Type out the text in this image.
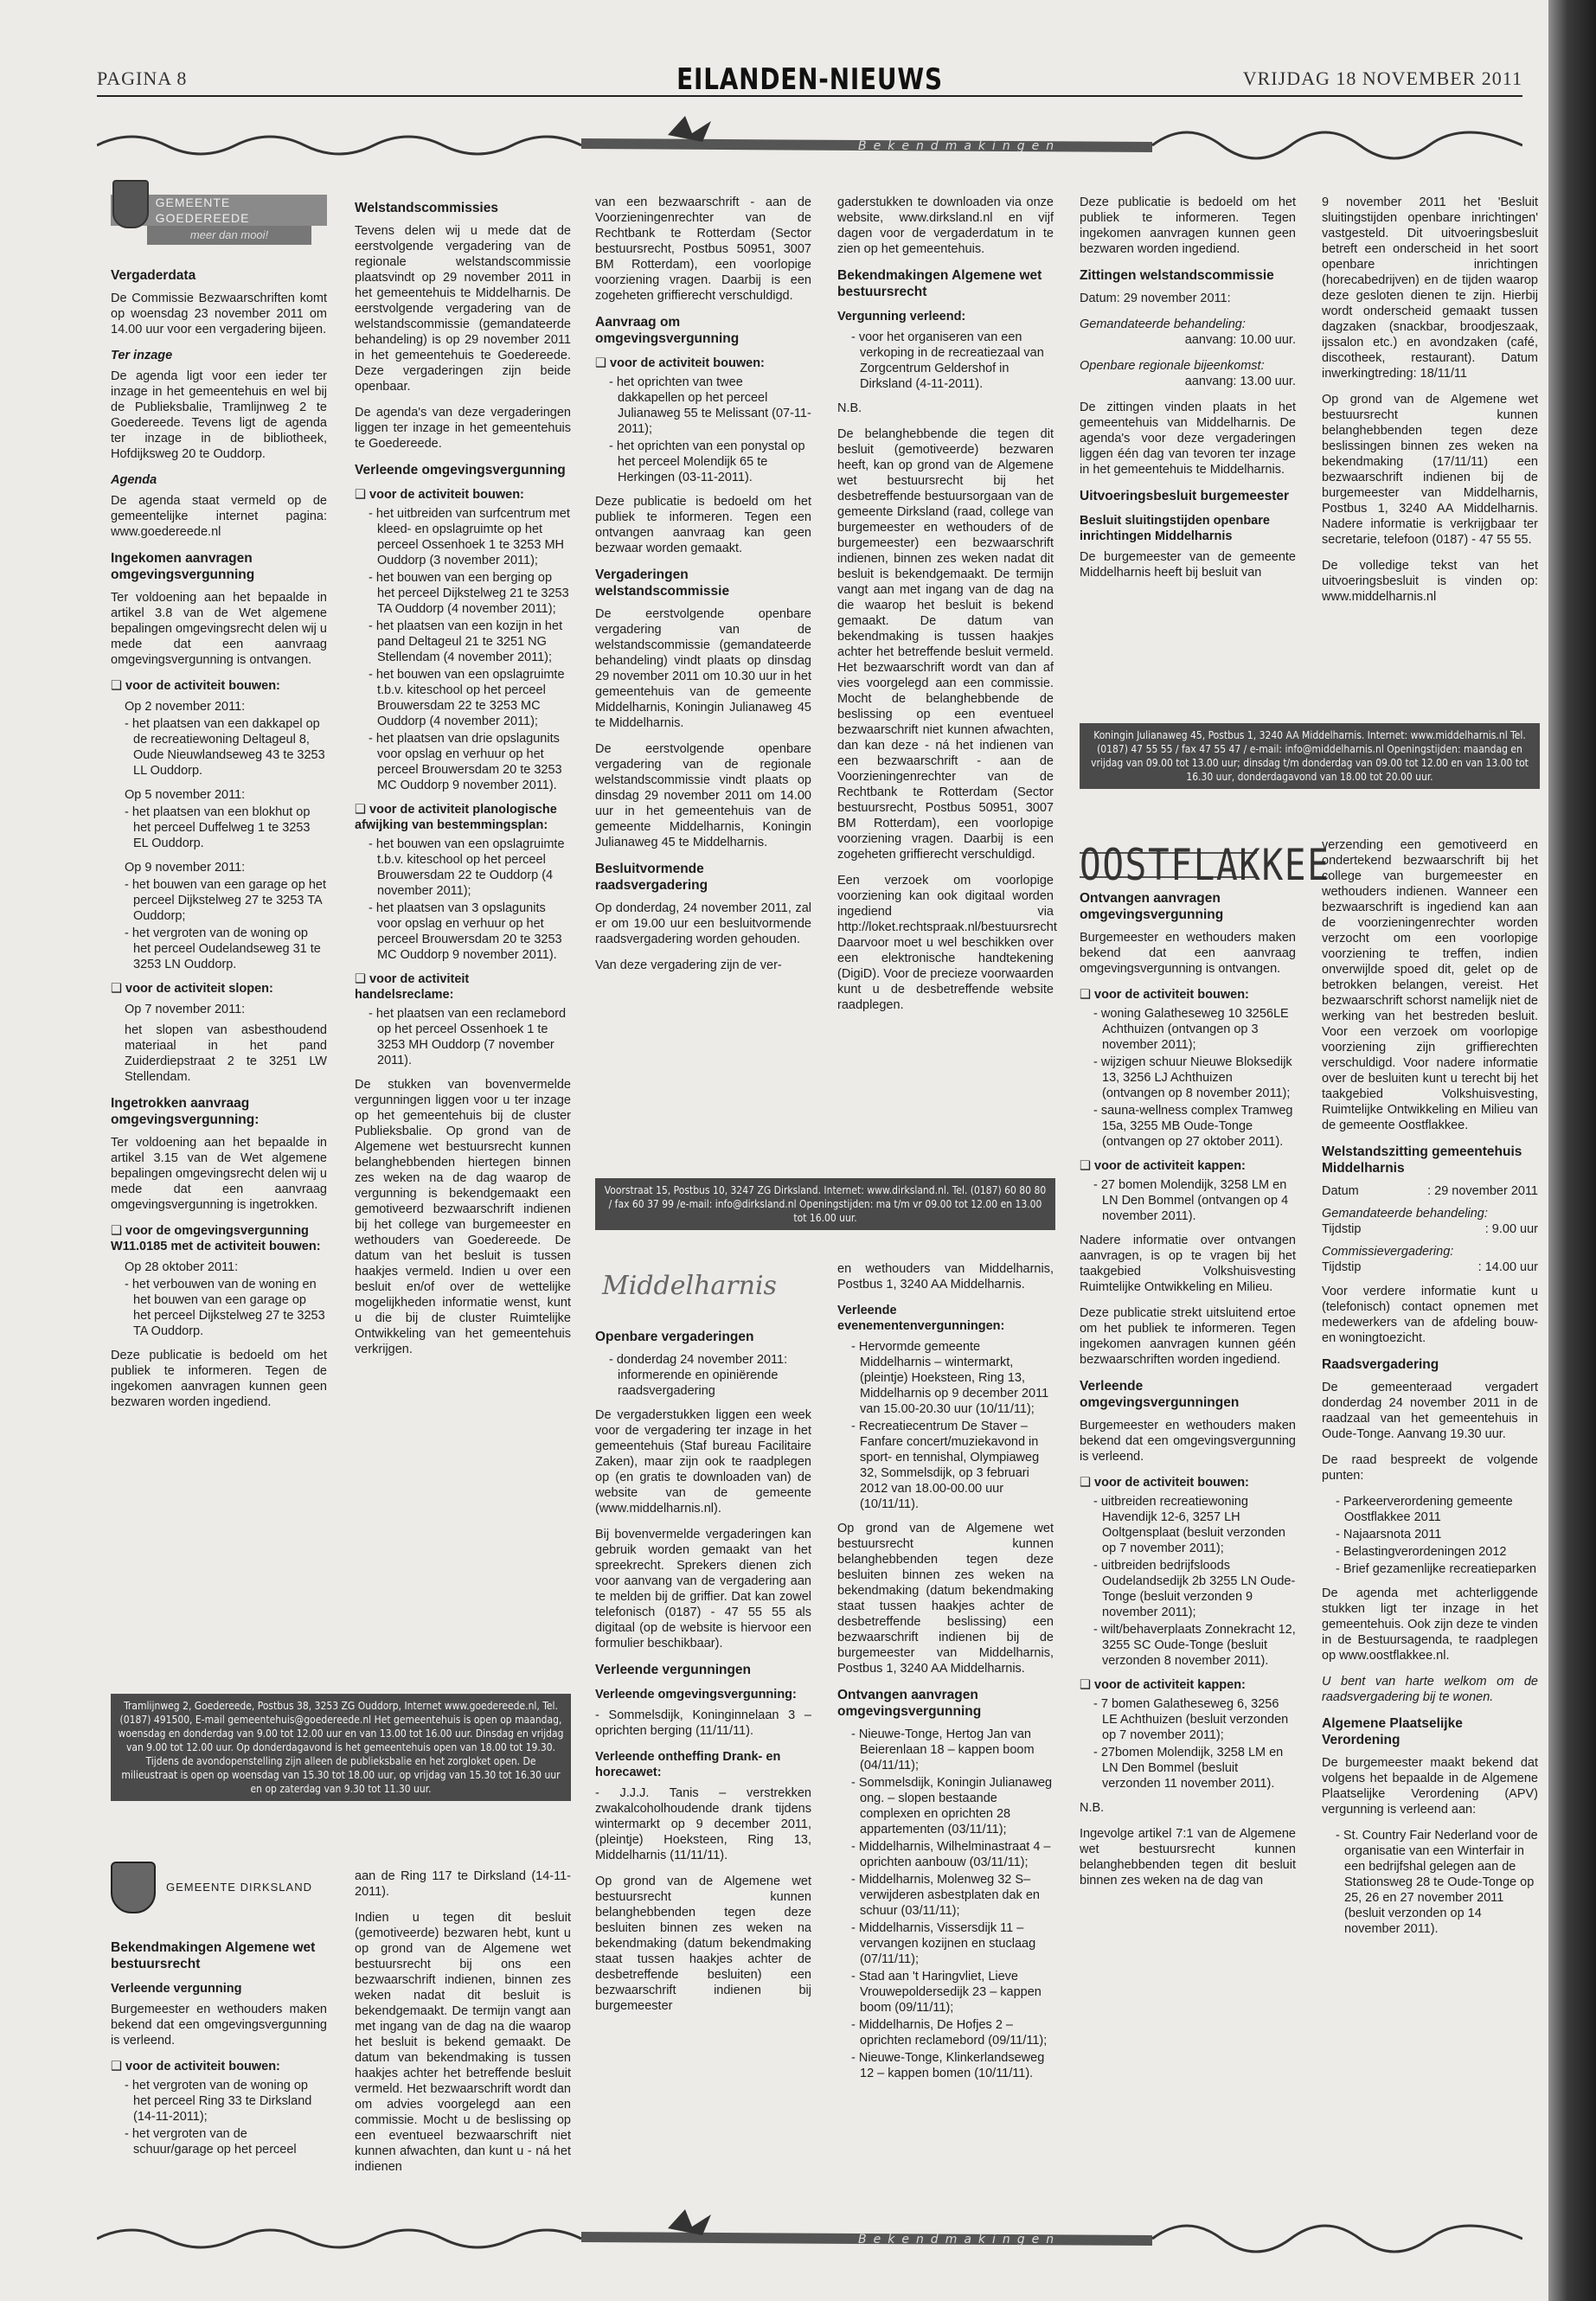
PAGINA 8	EILANDEN-NIEUWS	VRIJDAG 18 NOVEMBER 2011
Bekendmakingen
GEMEENTE GOEDEREEDE
meer dan mooi!
Vergaderdata

De Commissie Bezwaarschriften komt op woensdag 23 november 2011 om 14.00 uur voor een vergadering bijeen.

Ter inzage

De agenda ligt voor een ieder ter inzage in het gemeentehuis en wel bij de Publieksbalie, Tramlijnweg 2 te Goedereede. Tevens ligt de agenda ter inzage in de bibliotheek, Hofdijksweg 20 te Ouddorp.

Agenda

De agenda staat vermeld op de gemeentelijke internet pagina: www.goedereede.nl

Ingekomen aanvragen omgevingsvergunning

Ter voldoening aan het bepaalde in artikel 3.8 van de Wet algemene bepalingen omgevingsrecht delen wij u mede dat een aanvraag omgevingsvergunning is ontvangen.

❑ voor de activiteit bouwen:
Op 2 november 2011:
- het plaatsen van een dakkapel op de recreatiewoning Deltageul 8, Oude Nieuwlandseweg 43 te 3253 LL Ouddorp.
Op 5 november 2011:
- het plaatsen van een blokhut op het perceel Duffelweg 1 te 3253 EL Ouddorp.
Op 9 november 2011:
- het bouwen van een garage op het perceel Dijkstelweg 27 te 3253 TA Ouddorp;
- het vergroten van de woning op het perceel Oudelandseweg 31 te 3253 LN Ouddorp.
❑ voor de activiteit slopen:
Op 7 november 2011:

het slopen van asbesthoudend materiaal in het pand Zuiderdiepstraat 2 te 3251 LW Stellendam.

Ingetrokken aanvraag omgevingsvergunning:

Ter voldoening aan het bepaalde in artikel 3.15 van de Wet algemene bepalingen omgevingsrecht delen wij u mede dat een aanvraag omgevingsvergunning is ingetrokken.

❑ voor de omgevingsvergunning W11.0185 met de activiteit bouwen:
Op 28 oktober 2011:
- het verbouwen van de woning en het bouwen van een garage op het perceel Dijkstelweg 27 te 3253 TA Ouddorp.

Deze publicatie is bedoeld om het publiek te informeren. Tegen de ingekomen aanvragen kunnen geen bezwaren worden ingediend.

Welstandscommissies

Tevens delen wij u mede dat de eerstvolgende vergadering van de regionale welstandscommissie plaatsvindt op 29 november 2011 in het gemeentehuis te Middelharnis. De eerstvolgende vergadering van de welstandscommissie (gemandateerde behandeling) is op 29 november 2011 in het gemeentehuis te Goedereede. Deze vergaderingen zijn beide openbaar.

De agenda's van deze vergaderingen liggen ter inzage in het gemeentehuis te Goedereede.

Verleende omgevingsvergunning
❑ voor de activiteit bouwen:
- het uitbreiden van surfcentrum met kleed- en opslagruimte op het perceel Ossenhoek 1 te 3253 MH Ouddorp (3 november 2011);
- het bouwen van een berging op het perceel Dijkstelweg 21 te 3253 TA Ouddorp (4 november 2011);
- het plaatsen van een kozijn in het pand Deltageul 21 te 3251 NG Stellendam (4 november 2011);
- het bouwen van een opslagruimte t.b.v. kiteschool op het perceel Brouwersdam 22 te 3253 MC Ouddorp (4 november 2011);
- het plaatsen van drie opslagunits voor opslag en verhuur op het perceel Brouwersdam 20 te 3253 MC Ouddorp 9 november 2011).
❑ voor de activiteit planologische afwijking van bestemmingsplan:
- het bouwen van een opslagruimte t.b.v. kiteschool op het perceel Brouwersdam 22 te Ouddorp (4 november 2011);
- het plaatsen van 3 opslagunits voor opslag en verhuur op het perceel Brouwersdam 20 te 3253 MC Ouddorp 9 november 2011).
❑ voor de activiteit handelsreclame:
- het plaatsen van een reclamebord op het perceel Ossenhoek 1 te 3253 MH Ouddorp (7 november 2011).

De stukken van bovenvermelde vergunningen liggen voor u ter inzage op het gemeentehuis bij de cluster Publieksbalie. Op grond van de Algemene wet bestuursrecht kunnen belanghebbenden hiertegen binnen zes weken na de dag waarop de vergunning is bekendgemaakt een gemotiveerd bezwaarschrift indienen bij het college van burgemeester en wethouders van Goedereede. De datum van het besluit is tussen haakjes vermeld. Indien u over een besluit en/of over de wettelijke mogelijkheden informatie wenst, kunt u die bij de cluster Ruimtelijke Ontwikkeling van het gemeentehuis verkrijgen.

Tramlijnweg 2, Goedereede, Postbus 38, 3253 ZG Ouddorp, Internet www.goedereede.nl, Tel. (0187) 491500, E-mail gemeentehuis@goedereede.nl Het gemeentehuis is open op maandag, woensdag en donderdag van 9.00 tot 12.00 uur en van 13.00 tot 16.00 uur. Dinsdag en vrijdag van 9.00 tot 12.00 uur. Op donderdagavond is het gemeentehuis open van 18.00 tot 19.30. Tijdens de avondopenstelling zijn alleen de publieksbalie en het zorgloket open. De milieustraat is open op woensdag van 15.30 tot 18.00 uur, op vrijdag van 15.30 tot 16.30 uur en op zaterdag van 9.30 tot 11.30 uur.
GEMEENTE DIRKSLAND
Bekendmakingen Algemene wet bestuursrecht
Verleende vergunning

Burgemeester en wethouders maken bekend dat een omgevingsvergunning is verleend.

❑ voor de activiteit bouwen:
- het vergroten van de woning op het perceel Ring 33 te Dirksland (14-11-2011);
- het vergroten van de schuur/garage op het perceel

aan de Ring 117 te Dirksland (14-11-2011).

Indien u tegen dit besluit (gemotiveerde) bezwaren hebt, kunt u op grond van de Algemene wet bestuursrecht bij ons een bezwaarschrift indienen, binnen zes weken nadat dit besluit is bekendgemaakt. De termijn vangt aan met ingang van de dag na die waarop het besluit is bekend gemaakt. De datum van bekendmaking is tussen haakjes achter het betreffende besluit vermeld. Het bezwaarschrift wordt dan om advies voorgelegd aan een commissie. Mocht u de beslissing op een eventueel bezwaarschrift niet kunnen afwachten, dan kunt u - ná het indienen

van een bezwaarschrift - aan de Voorzieningenrechter van de Rechtbank te Rotterdam (Sector bestuursrecht, Postbus 50951, 3007 BM Rotterdam), een voorlopige voorziening vragen. Daarbij is een zogeheten griffierecht verschuldigd.

Aanvraag om omgevingsvergunning
❑ voor de activiteit bouwen:
- het oprichten van twee dakkapellen op het perceel Julianaweg 55 te Melissant (07-11-2011);
- het oprichten van een ponystal op het perceel Molendijk 65 te Herkingen (03-11-2011).

Deze publicatie is bedoeld om het publiek te informeren. Tegen een ontvangen aanvraag kan geen bezwaar worden gemaakt.

Vergaderingen welstandscommissie

De eerstvolgende openbare vergadering van de welstandscommissie (gemandateerde behandeling) vindt plaats op dinsdag 29 november 2011 om 10.30 uur in het gemeentehuis van de gemeente Middelharnis, Koningin Julianaweg 45 te Middelharnis.

De eerstvolgende openbare vergadering van de regionale welstandscommissie vindt plaats op dinsdag 29 november 2011 om 14.00 uur in het gemeentehuis van de gemeente Middelharnis, Koningin Julianaweg 45 te Middelharnis.

Besluitvormende raadsvergadering

Op donderdag, 24 november 2011, zal er om 19.00 uur een besluitvormende raadsvergadering worden gehouden.

Van deze vergadering zijn de ver-

Voorstraat 15, Postbus 10, 3247 ZG Dirksland. Internet: www.dirksland.nl. Tel. (0187) 60 80 80 / fax 60 37 99 /e-mail: info@dirksland.nl Openingstijden: ma t/m vr 09.00 tot 12.00 en 13.00 tot 16.00 uur.
Middelharnis
Openbare vergaderingen
- donderdag 24 november 2011: informerende en opiniërende raadsvergadering

De vergaderstukken liggen een week voor de vergadering ter inzage in het gemeentehuis (Staf bureau Facilitaire Zaken), maar zijn ook te raadplegen op (en gratis te downloaden van) de website van de gemeente (www.middelharnis.nl).

Bij bovenvermelde vergaderingen kan gebruik worden gemaakt van het spreekrecht. Sprekers dienen zich voor aanvang van de vergadering aan te melden bij de griffier. Dat kan zowel telefonisch (0187) - 47 55 55 als digitaal (op de website is hiervoor een formulier beschikbaar).

Verleende vergunningen
Verleende omgevingsvergunning:

- Sommelsdijk, Koninginnelaan 3 – oprichten berging (11/11/11).

Verleende ontheffing Drank- en horecawet:

- J.J.J. Tanis – verstrekken zwakalcoholhoudende drank tijdens wintermarkt op 9 december 2011, (pleintje) Hoeksteen, Ring 13, Middelharnis (11/11/11).

Op grond van de Algemene wet bestuursrecht kunnen belanghebbenden tegen deze besluiten binnen zes weken na bekendmaking (datum bekendmaking staat tussen haakjes achter de desbetreffende besluiten) een bezwaarschrift indienen bij burgemeester

gaderstukken te downloaden via onze website, www.dirksland.nl en vijf dagen voor de vergaderdatum in te zien op het gemeentehuis.

Bekendmakingen Algemene wet bestuursrecht
Vergunning verleend:
- voor het organiseren van een verkoping in de recreatiezaal van Zorgcentrum Geldershof in Dirksland (4-11-2011).

N.B.

De belanghebbende die tegen dit besluit (gemotiveerde) bezwaren heeft, kan op grond van de Algemene wet bestuursrecht bij het desbetreffende bestuursorgaan van de gemeente Dirksland (raad, college van burgemeester en wethouders of de burgemeester) een bezwaarschrift indienen, binnen zes weken nadat dit besluit is bekendgemaakt. De termijn vangt aan met ingang van de dag na die waarop het besluit is bekend gemaakt. De datum van bekendmaking is tussen haakjes achter het betreffende besluit vermeld. Het bezwaarschrift wordt van dan af vies voorgelegd aan een commissie. Mocht de belanghebbende de beslissing op een eventueel bezwaarschrift niet kunnen afwachten, dan kan deze - ná het indienen van een bezwaarschrift - aan de Voorzieningenrechter van de Rechtbank te Rotterdam (Sector bestuursrecht, Postbus 50951, 3007 BM Rotterdam), een voorlopige voorziening vragen. Daarbij is een zogeheten griffierecht verschuldigd.

Een verzoek om voorlopige voorziening kan ook digitaal worden ingediend via http://loket.rechtspraak.nl/bestuursrecht Daarvoor moet u wel beschikken over een elektronische handtekening (DigiD). Voor de precieze voorwaarden kunt u de desbetreffende website raadplegen.

en wethouders van Middelharnis, Postbus 1, 3240 AA Middelharnis.

Verleende evenementenvergunningen:
- Hervormde gemeente Middelharnis – wintermarkt, (pleintje) Hoeksteen, Ring 13, Middelharnis op 9 december 2011 van 15.00-20.30 uur (10/11/11);
- Recreatiecentrum De Staver – Fanfare concert/muziekavond in sport- en tennishal, Olympiaweg 32, Sommelsdijk, op 3 februari 2012 van 18.00-00.00 uur (10/11/11).

Op grond van de Algemene wet bestuursrecht kunnen belanghebbenden tegen deze besluiten binnen zes weken na bekendmaking (datum bekendmaking staat tussen haakjes achter de desbetreffende beslissing) een bezwaarschrift indienen bij de burgemeester van Middelharnis, Postbus 1, 3240 AA Middelharnis.

Ontvangen aanvragen omgevingsvergunning
- Nieuwe-Tonge, Hertog Jan van Beierenlaan 18 – kappen boom (04/11/11);
- Sommelsdijk, Koningin Julianaweg ong. – slopen bestaande complexen en oprichten 28 appartementen (03/11/11);
- Middelharnis, Wilhelminastraat 4 – oprichten aanbouw (03/11/11);
- Middelharnis, Molenweg 32 S– verwijderen asbestplaten dak en schuur (03/11/11);
- Middelharnis, Vissersdijk 11 – vervangen kozijnen en stuclaag (07/11/11);
- Stad aan 't Haringvliet, Lieve Vrouwepoldersedijk 23 – kappen boom (09/11/11);
- Middelharnis, De Hofjes 2 – oprichten reclamebord (09/11/11);
- Nieuwe-Tonge, Klinkerlandseweg 12 – kappen bomen (10/11/11).

Deze publicatie is bedoeld om het publiek te informeren. Tegen ingekomen aanvragen kunnen geen bezwaren worden ingediend.

Zittingen welstandscommissie

Datum: 29 november 2011:

Gemandateerde behandeling:

aanvang: 10.00 uur.

Openbare regionale bijeenkomst:

aanvang: 13.00 uur.

De zittingen vinden plaats in het gemeentehuis van Middelharnis. De agenda's voor deze vergaderingen liggen één dag van tevoren ter inzage in het gemeentehuis te Middelharnis.

Uitvoeringsbesluit burgemeester
Besluit sluitingstijden openbare inrichtingen Middelharnis

De burgemeester van de gemeente Middelharnis heeft bij besluit van

Koningin Julianaweg 45, Postbus 1, 3240 AA Middelharnis. Internet: www.middelharnis.nl Tel. (0187) 47 55 55 / fax 47 55 47 / e-mail: info@middelharnis.nl Openingstijden: maandag en vrijdag van 09.00 tot 13.00 uur; dinsdag t/m donderdag van 09.00 tot 12.00 en van 13.00 tot 16.30 uur, donderdagavond van 18.00 tot 20.00 uur.
OOSTFLAKKEE
Ontvangen aanvragen omgevingsvergunning

Burgemeester en wethouders maken bekend dat een aanvraag omgevingsvergunning is ontvangen.

❑ voor de activiteit bouwen:
- woning Galatheseweg 10 3256LE Achthuizen (ontvangen op 3 november 2011);
- wijzigen schuur Nieuwe Bloksedijk 13, 3256 LJ Achthuizen (ontvangen op 8 november 2011);
- sauna-wellness complex Tramweg 15a, 3255 MB Oude-Tonge (ontvangen op 27 oktober 2011).
❑ voor de activiteit kappen:
- 27 bomen Molendijk, 3258 LM en LN Den Bommel (ontvangen op 4 november 2011).

Nadere informatie over ontvangen aanvragen, is op te vragen bij het taakgebied Volkshuisvesting Ruimtelijke Ontwikkeling en Milieu.

Deze publicatie strekt uitsluitend ertoe om het publiek te informeren. Tegen ingekomen aanvragen kunnen géén bezwaarschriften worden ingediend.

Verleende omgevingsvergunningen

Burgemeester en wethouders maken bekend dat een omgevingsvergunning is verleend.

❑ voor de activiteit bouwen:
- uitbreiden recreatiewoning Havendijk 12-6, 3257 LH Ooltgensplaat (besluit verzonden op 7 november 2011);
- uitbreiden bedrijfsloods Oudelandsedijk 2b 3255 LN Oude-Tonge (besluit verzonden 9 november 2011);
- wilt/behaverplaats Zonnekracht 12, 3255 SC Oude-Tonge (besluit verzonden 8 november 2011).
❑ voor de activiteit kappen:
- 7 bomen Galatheseweg 6, 3256 LE Achthuizen (besluit verzonden op 7 november 2011);
- 27bomen Molendijk, 3258 LM en LN Den Bommel (besluit verzonden 11 november 2011).

N.B.

Ingevolge artikel 7:1 van de Algemene wet bestuursrecht kunnen belanghebbenden tegen dit besluit binnen zes weken na de dag van

9 november 2011 het 'Besluit sluitingstijden openbare inrichtingen' vastgesteld. Dit uitvoeringsbesluit betreft een onderscheid in het soort openbare inrichtingen (horecabedrijven) en de tijden waarop deze gesloten dienen te zijn. Hierbij wordt onderscheid gemaakt tussen dagzaken (snackbar, broodjeszaak, ijssalon etc.) en avondzaken (café, discotheek, restaurant). Datum inwerkingtreding: 18/11/11

Op grond van de Algemene wet bestuursrecht kunnen belanghebbenden tegen deze beslissingen binnen zes weken na bekendmaking (17/11/11) een bezwaarschrift indienen bij de burgemeester van Middelharnis, Postbus 1, 3240 AA Middelharnis. Nadere informatie is verkrijgbaar ter secretarie, telefoon (0187) - 47 55 55.

De volledige tekst van het uitvoeringsbesluit is vinden op: www.middelharnis.nl

verzending een gemotiveerd en ondertekend bezwaarschrift bij het college van burgemeester en wethouders indienen. Wanneer een bezwaarschrift is ingediend kan aan de voorzieningenrechter worden verzocht om een voorlopige voorziening te treffen, indien onverwijlde spoed dit, gelet op de betrokken belangen, vereist. Het bezwaarschrift schorst namelijk niet de werking van het bestreden besluit. Voor een verzoek om voorlopige voorziening zijn griffierechten verschuldigd. Voor nadere informatie over de besluiten kunt u terecht bij het taakgebied Volkshuisvesting, Ruimtelijke Ontwikkeling en Milieu van de gemeente Oostflakkee.

Welstandszitting gemeentehuis Middelharnis
Datum	: 29 november 2011
Gemandateerde behandeling:
Tijdstip	: 9.00 uur
Commissievergadering:
Tijdstip	: 14.00 uur

Voor verdere informatie kunt u (telefonisch) contact opnemen met medewerkers van de afdeling bouw- en woningtoezicht.

Raadsvergadering

De gemeenteraad vergadert donderdag 24 november 2011 in de raadzaal van het gemeentehuis in Oude-Tonge. Aanvang 19.30 uur.

De raad bespreekt de volgende punten:

- Parkeerverordening gemeente Oostflakkee 2011
- Najaarsnota 2011
- Belastingverordeningen 2012
- Brief gezamenlijke recreatieparken

De agenda met achterliggende stukken ligt ter inzage in het gemeentehuis. Ook zijn deze te vinden in de Bestuursagenda, te raadplegen op www.oostflakkee.nl.

U bent van harte welkom om de raadsvergadering bij te wonen.

Algemene Plaatselijke Verordening

De burgemeester maakt bekend dat volgens het bepaalde in de Algemene Plaatselijke Verordening (APV) vergunning is verleend aan:

- St. Country Fair Nederland voor de organisatie van een Winterfair in een bedrijfshal gelegen aan de Stationsweg 28 te Oude-Tonge op 25, 26 en 27 november 2011 (besluit verzonden op 14 november 2011).
Bekendmakingen
